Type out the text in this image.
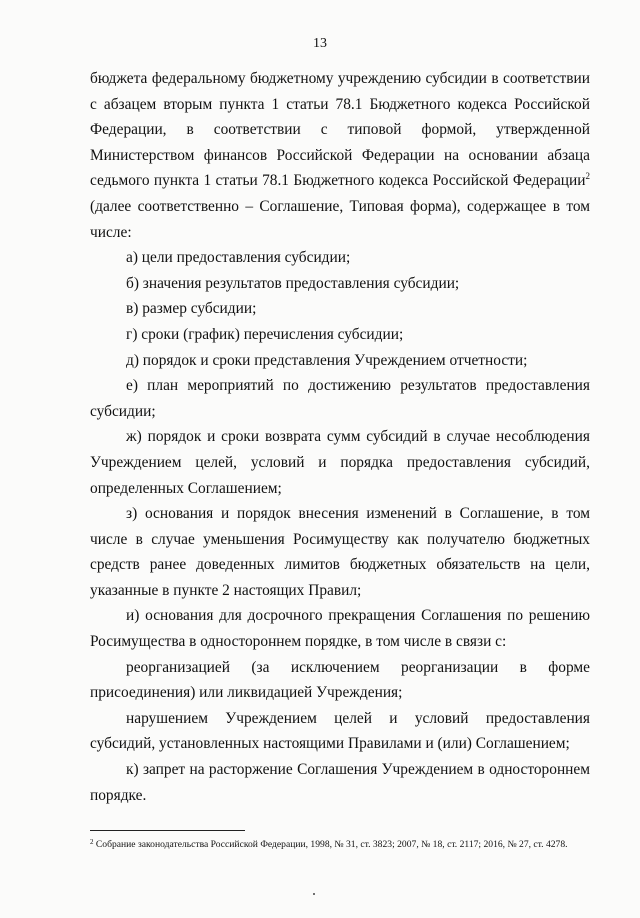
13

бюджета федеральному бюджетному учреждению субсидии в соответствии с абзацем вторым пункта 1 статьи 78.1 Бюджетного кодекса Российской Федерации, в соответствии с типовой формой, утвержденной Министерством финансов Российской Федерации на основании абзаца седьмого пункта 1 статьи 78.1 Бюджетного кодекса Российской Федерации$^2$ (далее соответственно – Соглашение, Типовая форма), содержащее в том числе:

а) цели предоставления субсидии;

б) значения результатов предоставления субсидии;

в) размер субсидии;

г) сроки (график) перечисления субсидии;

д) порядок и сроки представления Учреждением отчетности;

е) план мероприятий по достижению результатов предоставления субсидии;

ж) порядок и сроки возврата сумм субсидий в случае несоблюдения Учреждением целей, условий и порядка предоставления субсидий, определенных Соглашением;

з) основания и порядок внесения изменений в Соглашение, в том числе в случае уменьшения Росимуществу как получателю бюджетных средств ранее доведенных лимитов бюджетных обязательств на цели, указанные в пункте 2 настоящих Правил;

и) основания для досрочного прекращения Соглашения по решению Росимущества в одностороннем порядке, в том числе в связи с:

реорганизацией (за исключением реорганизации в форме присоединения) или ликвидацией Учреждения;

нарушением Учреждением целей и условий предоставления субсидий, установленных настоящими Правилами и (или) Соглашением;

к) запрет на расторжение Соглашения Учреждением в одностороннем порядке.

$^2$ Собрание законодательства Российской Федерации, 1998, № 31, ст. 3823; 2007, № 18, ст. 2117; 2016, № 27, ст. 4278.
